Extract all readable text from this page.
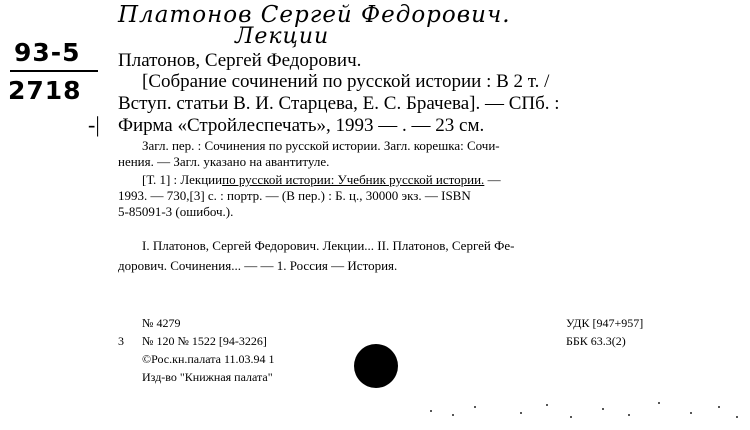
Платонов Сергей Федорович.
Лекции
93-5
2718
-|
Платонов, Сергей Федорович.
[Собрание сочинений по русской истории : В 2 т. /
Вступ. статьи В. И. Старцева, Е. С. Брачева]. — СПб. :
Фирма «Стройлеспечать», 1993 — . — 23 см.
Загл. пер. : Сочинения по русской истории. Загл. корешка: Сочи-
нения. — Загл. указано на авантитуле.
[Т. 1] : Лекциипо русской истории: Учебник русской истории. —
1993. — 730,[3] с. : портр. — (В пер.) : Б. ц., 30000 экз. — ISBN
5-85091-3 (ошибоч.).
I. Платонов, Сергей Федорович. Лекции... II. Платонов, Сергей Фе-
дорович. Сочинения... — — 1. Россия — История.
№ 4279
3 № 120 № 1522 [94-3226]
©Рос.кн.палата 11.03.94 1
Изд-во "Книжная палата"
УДК [947+957]
ББК 63.3(2)
